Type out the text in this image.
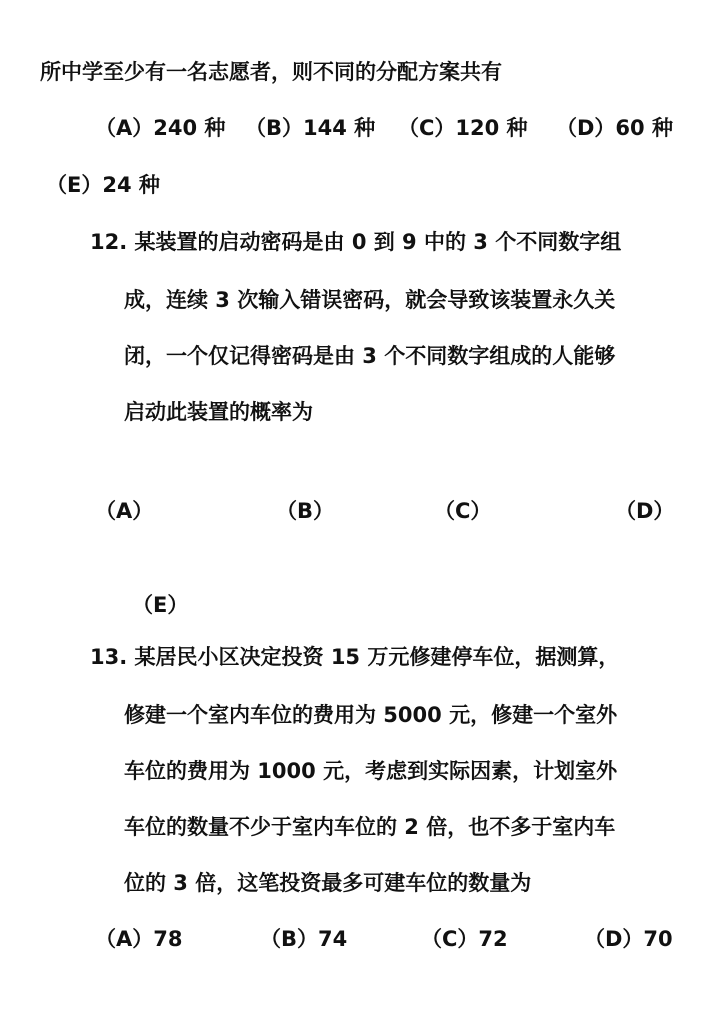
所中学至少有一名志愿者，则不同的分配方案共有
（A）240 种 （B）144 种 （C）120 种 （D）60 种
（E）24 种
12. 某装置的启动密码是由 0 到 9 中的 3 个不同数字组
成，连续 3 次输入错误密码，就会导致该装置永久关
闭，一个仅记得密码是由 3 个不同数字组成的人能够
启动此装置的概率为
（A）	（B）	（C）	（D）
（E）
13. 某居民小区决定投资 15 万元修建停车位，据测算，
修建一个室内车位的费用为 5000 元，修建一个室外
车位的费用为 1000 元，考虑到实际因素，计划室外
车位的数量不少于室内车位的 2 倍，也不多于室内车
位的 3 倍，这笔投资最多可建车位的数量为
（A）78	（B）74	（C）72	（D）70
